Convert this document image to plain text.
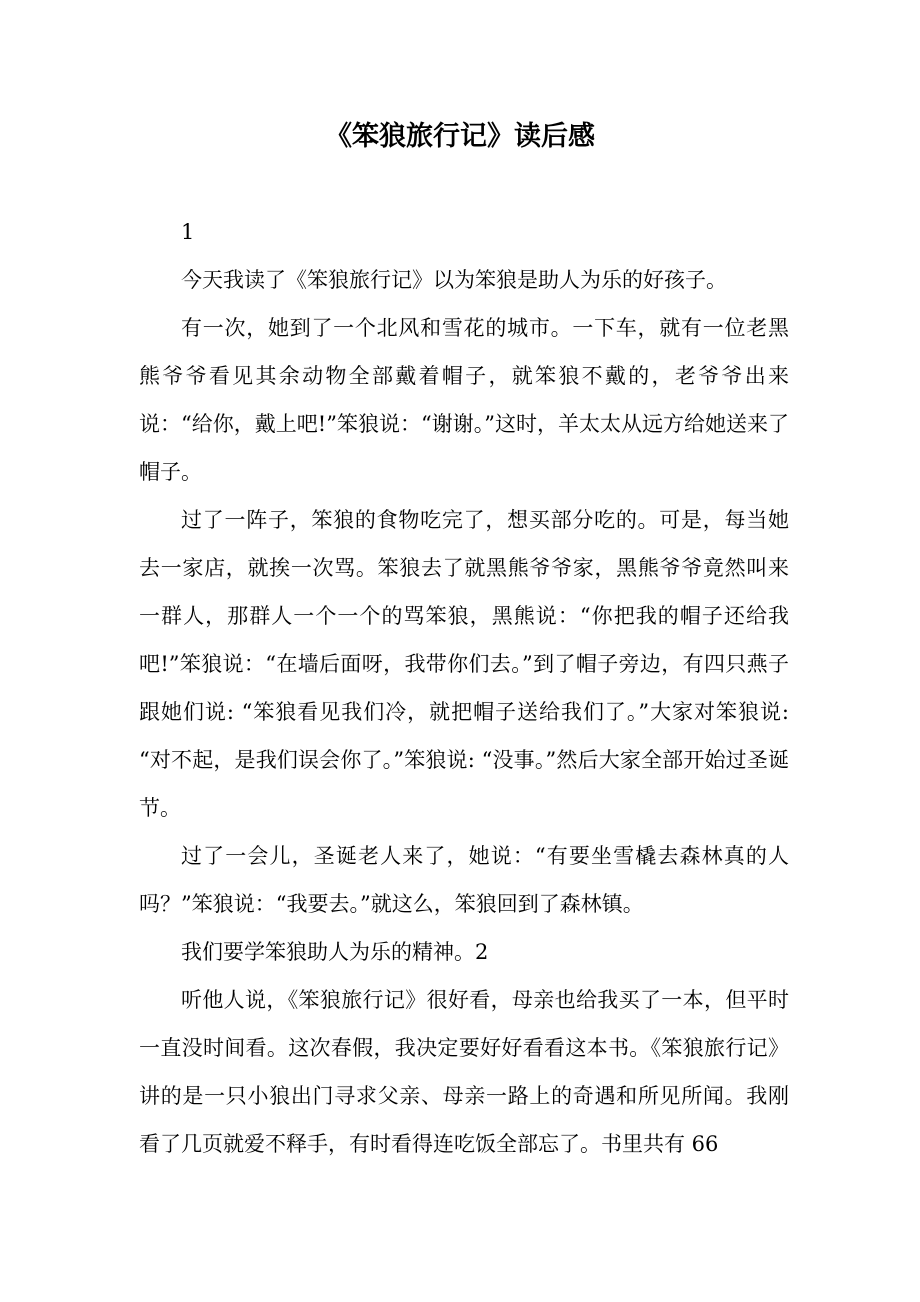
《笨狼旅行记》读后感

1

今天我读了《笨狼旅行记》以为笨狼是助人为乐的好孩子。

有一次，她到了一个北风和雪花的城市。一下车，就有一位老黑熊爷爷看见其余动物全部戴着帽子，就笨狼不戴的，老爷爷出来说：“给你，戴上吧!”笨狼说：“谢谢。”这时，羊太太从远方给她送来了帽子。

过了一阵子，笨狼的食物吃完了，想买部分吃的。可是，每当她去一家店，就挨一次骂。笨狼去了就黑熊爷爷家，黑熊爷爷竟然叫来一群人，那群人一个一个的骂笨狼，黑熊说：“你把我的帽子还给我吧!”笨狼说：“在墙后面呀，我带你们去。”到了帽子旁边，有四只燕子跟她们说: “笨狼看见我们冷，就把帽子送给我们了。”大家对笨狼说: “对不起，是我们误会你了。”笨狼说: “没事。”然后大家全部开始过圣诞节。

过了一会儿，圣诞老人来了，她说：“有要坐雪橇去森林真的人吗？”笨狼说：“我要去。”就这么，笨狼回到了森林镇。

我们要学笨狼助人为乐的精神。2

听他人说，《笨狼旅行记》很好看，母亲也给我买了一本，但平时一直没时间看。这次春假，我决定要好好看看这本书。《笨狼旅行记》讲的是一只小狼出门寻求父亲、母亲一路上的奇遇和所见所闻。我刚看了几页就爱不释手，有时看得连吃饭全部忘了。书里共有 66
